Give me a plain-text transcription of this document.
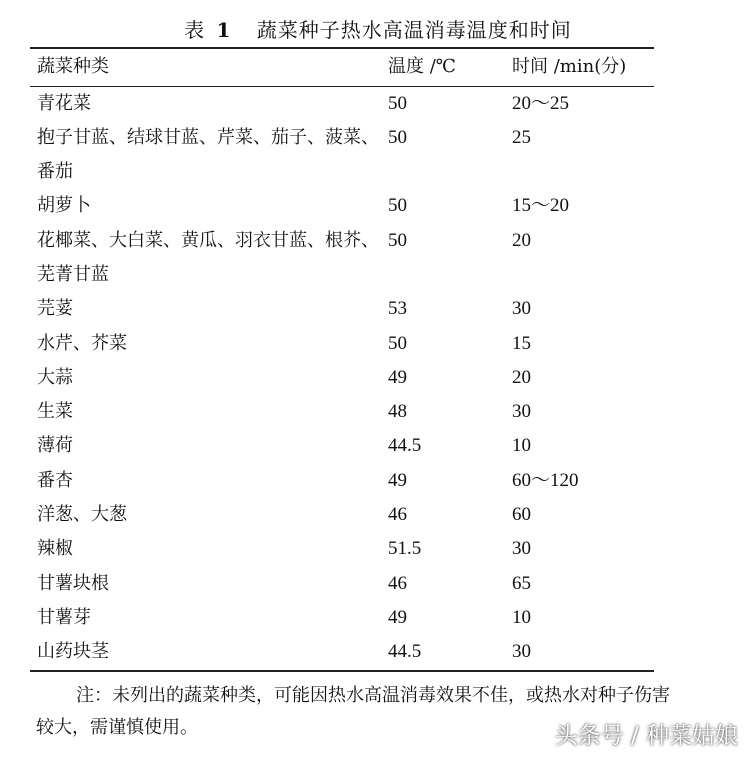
表 1 蔬菜种子热水高温消毒温度和时间
蔬菜种类	温度 /℃	时间 /min(分)
青花菜	50	20～25
抱子甘蓝、结球甘蓝、芹菜、茄子、菠菜、番茄	50	25
胡萝卜	50	15～20
花椰菜、大白菜、黄瓜、羽衣甘蓝、根芥、芜菁甘蓝	50	20
芫荽	53	30
水芹、芥菜	50	15
大蒜	49	20
生菜	48	30
薄荷	44.5	10
番杏	49	60～120
洋葱、大葱	46	60
辣椒	51.5	30
甘薯块根	46	65
甘薯芽	49	10
山药块茎	44.5	30
注：未列出的蔬菜种类，可能因热水高温消毒效果不佳，或热水对种子伤害较大，需谨慎使用。	头条号 / 种菜姑娘
